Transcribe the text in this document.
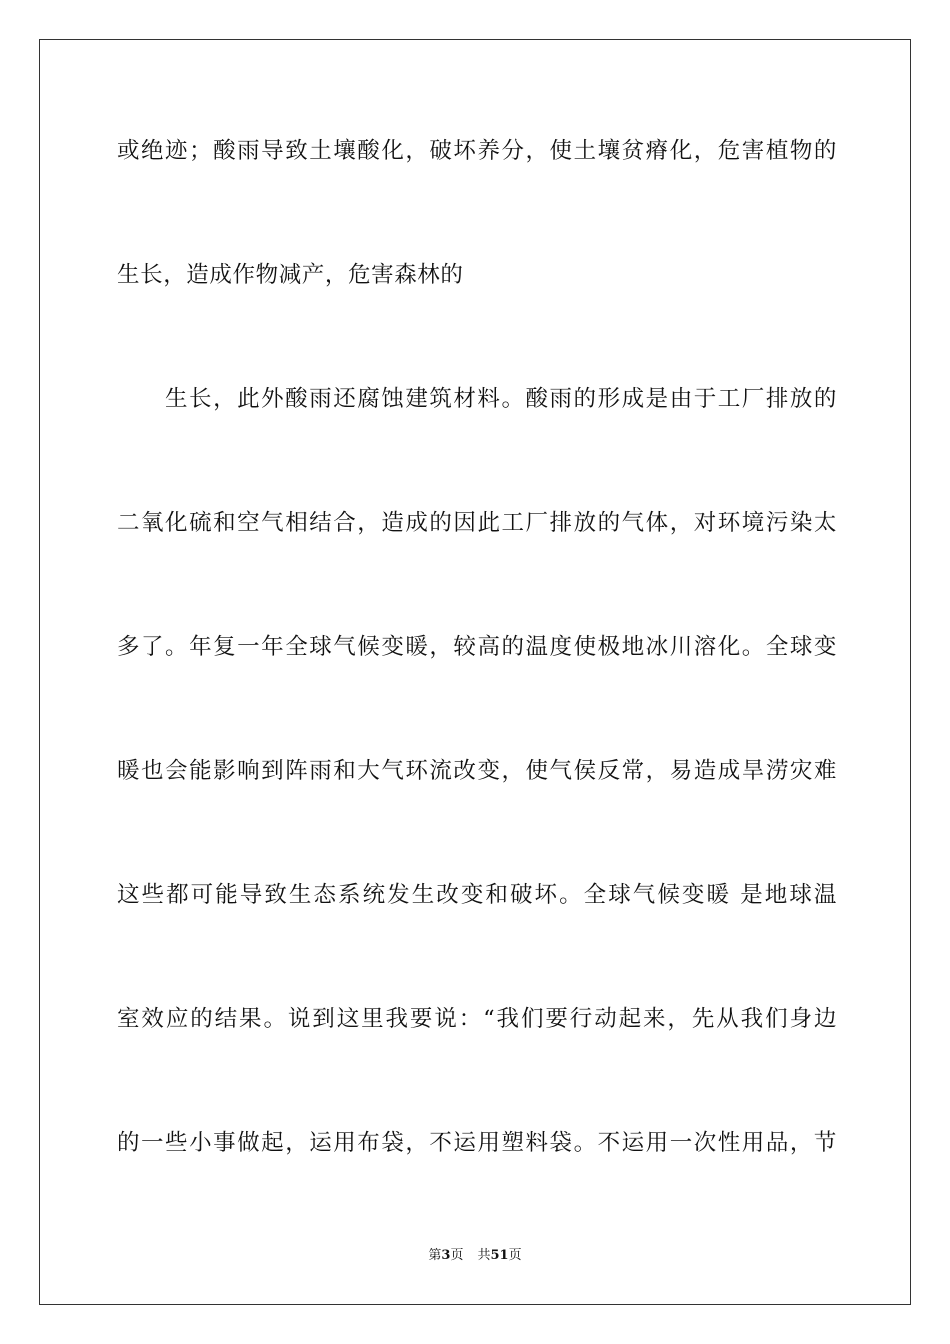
或绝迹；酸雨导致土壤酸化，破坏养分，使土壤贫瘠化，危害植物的
生长，造成作物减产，危害森林的
生长，此外酸雨还腐蚀建筑材料。酸雨的形成是由于工厂排放的
二氧化硫和空气相结合，造成的因此工厂排放的气体，对环境污染太
多了。年复一年全球气候变暖，较高的温度使极地冰川溶化。全球变
暖也会能影响到阵雨和大气环流改变，使气侯反常，易造成旱涝灾难
这些都可能导致生态系统发生改变和破坏。全球气候变暖 是地球温
室效应的结果。说到这里我要说：“我们要行动起来，先从我们身边
的一些小事做起，运用布袋，不运用塑料袋。不运用一次性用品，节
第3页 共51页
